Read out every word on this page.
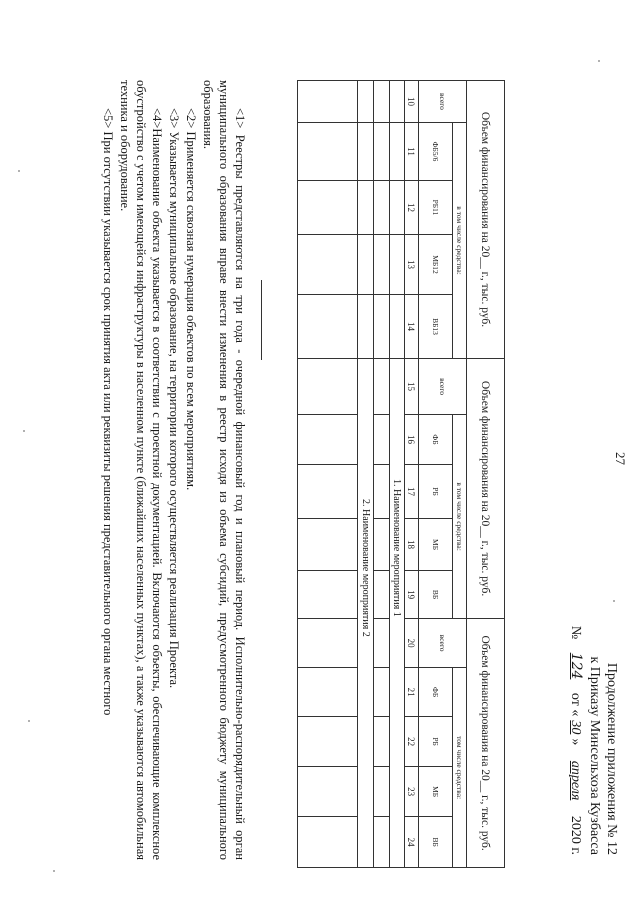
27
Продолжение приложения № 12
к Приказу Минсельхоза Кузбасса
№ 124 от «30» апреля 2020 г.
Объем финансирования на 20__ г., тыс. руб.					Объем финансирования на 20__ г., тыс. руб.					Объем финансирования на 20__ г., тыс. руб.				
всего	в том числе средства:				всего	в том числе средства:				всего	том числе средства:			
	ФБ5/6	РБ11	МБ12	ВБ13		ФБ	РБ	МБ	ВБ		ФБ	РБ	МБ	ВБ
10	11	12	13	14	15	16	17	18	19	20	21	22	23	24
					1. Наименование мероприятия 1									

					2. Наименование мероприятия 2									

<1> Реестры представляются на три года - очередной финансовый год и плановый период. Исполнительно-распорядительный орган муниципального образования вправе внести изменения в реестр исходя из объема субсидий, предусмотренного бюджету муниципального образования.
<2> Применяется сквозная нумерация объектов по всем мероприятиям.
<3> Указывается муниципальное образование, на территории которого осуществляется реализация Проекта.
<4>Наименование объекта указывается в соответствии с проектной документацией. Включаются объекты, обеспечивающие комплексное обустройство с учетом имеющейся инфраструктуры в населенном пункте (ближайших населенных пунктах), а также указываются автомобильная техника и оборудование.
<5> При отсутствии указывается срок принятия акта или реквизиты решения представительного органа местного
